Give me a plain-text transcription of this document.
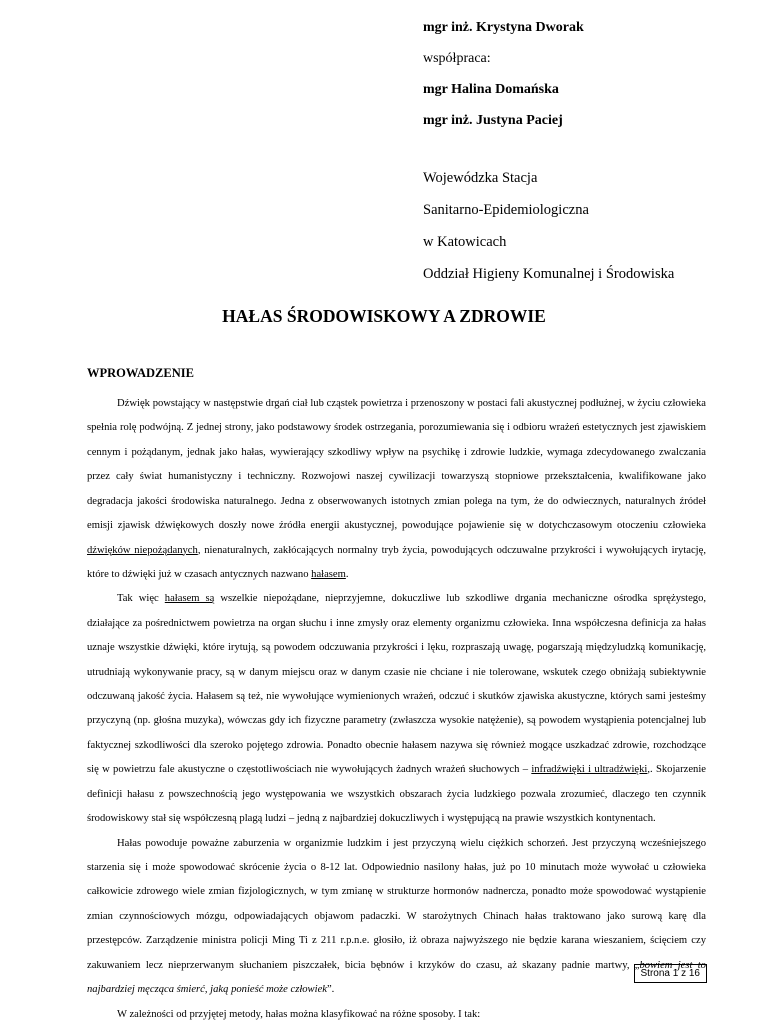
mgr inż. Krystyna Dworak
współpraca:
mgr Halina Domańska
mgr inż. Justyna Paciej
Wojewódzka Stacja
Sanitarno-Epidemiologiczna
w Katowicach
Oddział Higieny Komunalnej i Środowiska
HAŁAS ŚRODOWISKOWY A ZDROWIE
WPROWADZENIE

Dźwięk powstający w następstwie drgań ciał lub cząstek powietrza i przenoszony w postaci fali akustycznej podłużnej, w życiu człowieka spełnia rolę podwójną. Z jednej strony, jako podstawowy środek ostrzegania, porozumiewania się i odbioru wrażeń estetycznych jest zjawiskiem cennym i pożądanym, jednak jako hałas, wywierający szkodliwy wpływ na psychikę i zdrowie ludzkie, wymaga zdecydowanego zwalczania przez cały świat humanistyczny i techniczny. Rozwojowi naszej cywilizacji towarzyszą stopniowe przekształcenia, kwalifikowane jako degradacja jakości środowiska naturalnego. Jedna z obserwowanych istotnych zmian polega na tym, że do odwiecznych, naturalnych źródeł emisji zjawisk dźwiękowych doszły nowe źródła energii akustycznej, powodujące pojawienie się w dotychczasowym otoczeniu człowieka dźwięków niepożądanych, nienaturalnych, zakłócających normalny tryb życia, powodujących odczuwalne przykrości i wywołujących irytację, które to dźwięki już w czasach antycznych nazwano hałasem.

Tak więc hałasem są wszelkie niepożądane, nieprzyjemne, dokuczliwe lub szkodliwe drgania mechaniczne ośrodka sprężystego, działające za pośrednictwem powietrza na organ słuchu i inne zmysły oraz elementy organizmu człowieka. Inna współczesna definicja za hałas uznaje wszystkie dźwięki, które irytują, są powodem odczuwania przykrości i lęku, rozpraszają uwagę, pogarszają międzyludzką komunikację, utrudniają wykonywanie pracy, są w danym miejscu oraz w danym czasie nie chciane i nie tolerowane, wskutek czego obniżają subiektywnie odczuwaną jakość życia. Hałasem są też, nie wywołujące wymienionych wrażeń, odczuć i skutków zjawiska akustyczne, których sami jesteśmy przyczyną (np. głośna muzyka), wówczas gdy ich fizyczne parametry (zwłaszcza wysokie natężenie), są powodem wystąpienia potencjalnej lub faktycznej szkodliwości dla szeroko pojętego zdrowia. Ponadto obecnie hałasem nazywa się również mogące uszkadzać zdrowie, rozchodzące się w powietrzu fale akustyczne o częstotliwościach nie wywołujących żadnych wrażeń słuchowych – infradźwięki i ultradźwięki,. Skojarzenie definicji hałasu z powszechnością jego występowania we wszystkich obszarach życia ludzkiego pozwala zrozumieć, dlaczego ten czynnik środowiskowy stał się współczesną plagą ludzi – jedną z najbardziej dokuczliwych i występującą na prawie wszystkich kontynentach.

Hałas powoduje poważne zaburzenia w organizmie ludzkim i jest przyczyną wielu ciężkich schorzeń. Jest przyczyną wcześniejszego starzenia się i może spowodować skrócenie życia o 8-12 lat. Odpowiednio nasilony hałas, już po 10 minutach może wywołać u człowieka całkowicie zdrowego wiele zmian fizjologicznych, w tym zmianę w strukturze hormonów nadnercza, ponadto może spowodować wystąpienie zmian czynnościowych mózgu, odpowiadających objawom padaczki. W starożytnych Chinach hałas traktowano jako surową karę dla przestępców. Zarządzenie ministra policji Ming Ti z 211 r.p.n.e. głosiło, iż obraza najwyższego nie będzie karana wieszaniem, ścięciem czy zakuwaniem lecz nieprzerwanym słuchaniem piszczałek, bicia bębnów i krzyków do czasu, aż skazany padnie martwy, „bowiem jest to najbardziej męcząca śmierć, jaką ponieść może człowiek”.

W zależności od przyjętej metody, hałas można klasyfikować na różne sposoby. I tak:

Strona 1 z 16
